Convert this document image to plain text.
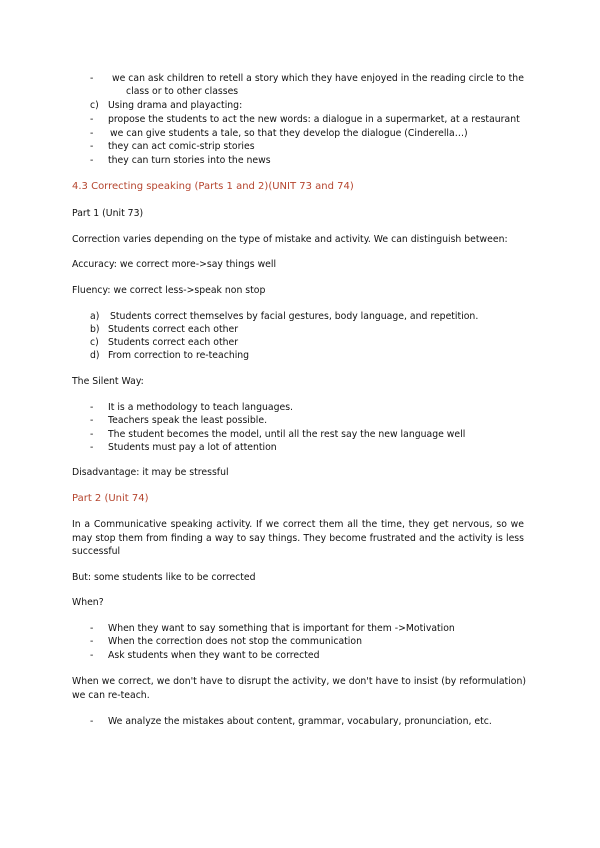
- we can ask children to retell a story which they have enjoyed in the reading circle to the
class or to other classes
c) Using drama and playacting:
- propose the students to act the new words: a dialogue in a supermarket, at a restaurant
- we can give students a tale, so that they develop the dialogue (Cinderella…)
- they can act comic-strip stories
- they can turn stories into the news
4.3 Correcting speaking (Parts 1 and 2)(UNIT 73 and 74)
Part 1 (Unit 73)
Correction varies depending on the type of mistake and activity. We can distinguish between:
Accuracy: we correct more->say things well
Fluency: we correct less->speak non stop
a) Students correct themselves by facial gestures, body language, and repetition.
b) Students correct each other
c) Students correct each other
d) From correction to re-teaching
The Silent Way:
- It is a methodology to teach languages.
- Teachers speak the least possible.
- The student becomes the model, until all the rest say the new language well
- Students must pay a lot of attention
Disadvantage: it may be stressful
Part 2 (Unit 74)
In a Communicative speaking activity. If we correct them all the time, they get nervous, so we may stop them from finding a way to say things. They become frustrated and the activity is less successful
But: some students like to be corrected
When?
- When they want to say something that is important for them ->Motivation
- When the correction does not stop the communication
- Ask students when they want to be corrected
When we correct, we don't have to disrupt the activity, we don't have to insist (by reformulation) we can re-teach.
- We analyze the mistakes about content, grammar, vocabulary, pronunciation, etc.
